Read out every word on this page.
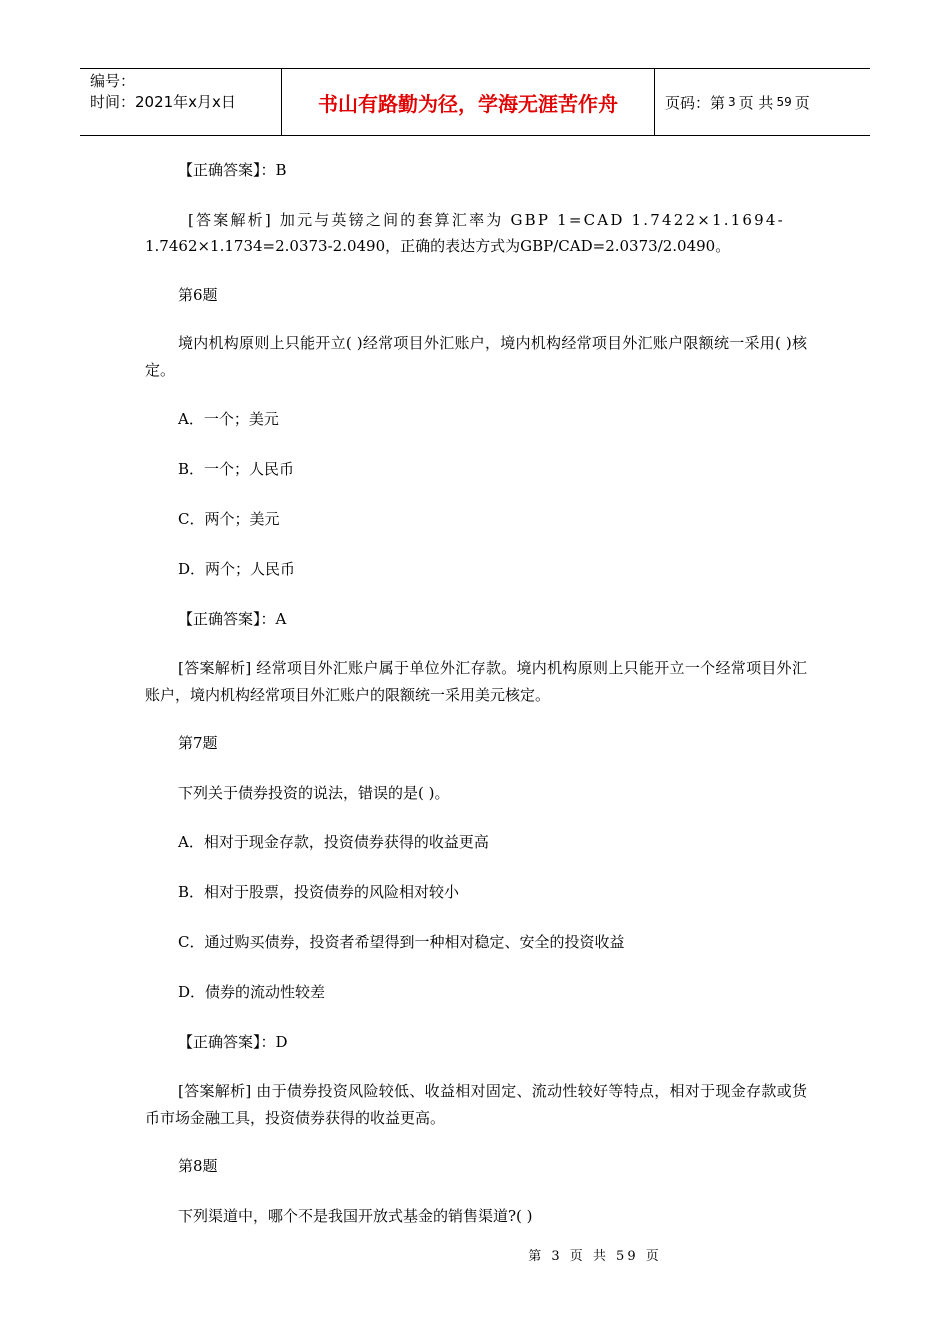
编号：
时间：2021年x月x日	书山有路勤为径，学海无涯苦作舟	页码：第 3 页 共 59 页
【正确答案】：B
[答案解析] 加元与英镑之间的套算汇率为 GBP 1=CAD 1.7422×1.1694-
1.7462×1.1734=2.0373-2.0490，正确的表达方式为GBP/CAD=2.0373/2.0490。
第6题
境内机构原则上只能开立( )经常项目外汇账户，境内机构经常项目外汇账户限额统一采用( )核定。
A．一个；美元
B．一个；人民币
C．两个；美元
D．两个；人民币
【正确答案】：A
[答案解析] 经常项目外汇账户属于单位外汇存款。境内机构原则上只能开立一个经常项目外汇账户，境内机构经常项目外汇账户的限额统一采用美元核定。
第7题
下列关于债券投资的说法，错误的是( )。
A．相对于现金存款，投资债券获得的收益更高
B．相对于股票，投资债券的风险相对较小
C．通过购买债券，投资者希望得到一种相对稳定、安全的投资收益
D．债券的流动性较差
【正确答案】：D
[答案解析] 由于债券投资风险较低、收益相对固定、流动性较好等特点，相对于现金存款或货币市场金融工具，投资债券获得的收益更高。
第8题
下列渠道中，哪个不是我国开放式基金的销售渠道?( )
第 3 页 共 59 页
